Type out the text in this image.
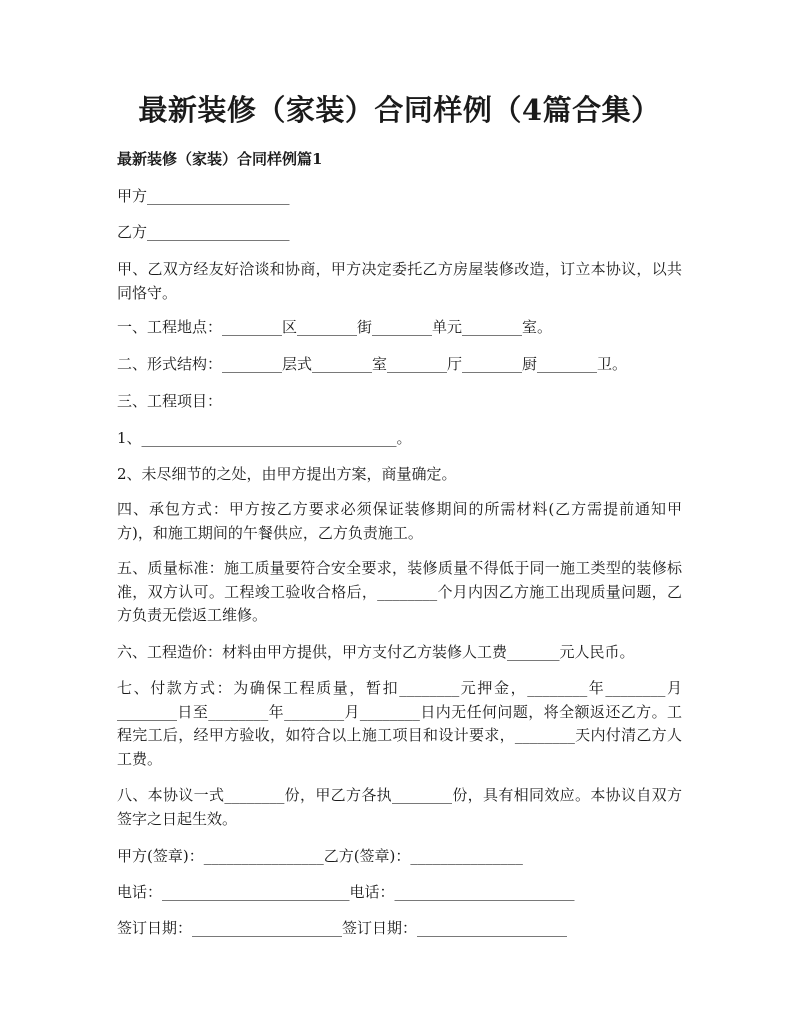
最新装修（家装）合同样例（4篇合集）
最新装修（家装）合同样例篇1
甲方___________________
乙方___________________
甲、乙双方经友好洽谈和协商，甲方决定委托乙方房屋装修改造，订立本协议，以共同恪守。
一、工程地点：________区________街________单元________室。
二、形式结构：________层式________室________厅________厨________卫。
三、工程项目：
1、__________________________________。
2、未尽细节的之处，由甲方提出方案，商量确定。
四、承包方式：甲方按乙方要求必须保证装修期间的所需材料(乙方需提前通知甲方)，和施工期间的午餐供应，乙方负责施工。
五、质量标准：施工质量要符合安全要求，装修质量不得低于同一施工类型的装修标准，双方认可。工程竣工验收合格后，________个月内因乙方施工出现质量问题，乙方负责无偿返工维修。
六、工程造价：材料由甲方提供，甲方支付乙方装修人工费_______元人民币。
七、付款方式：为确保工程质量，暂扣________元押金，________年________月________日至________年________月________日内无任何问题，将全额返还乙方。工程完工后，经甲方验收，如符合以上施工项目和设计要求，________天内付清乙方人工费。
八、本协议一式________份，甲乙方各执________份，具有相同效应。本协议自双方签字之日起生效。
甲方(签章)：________________乙方(签章)：_______________
电话：_________________________电话：________________________
签订日期：____________________签订日期：____________________
